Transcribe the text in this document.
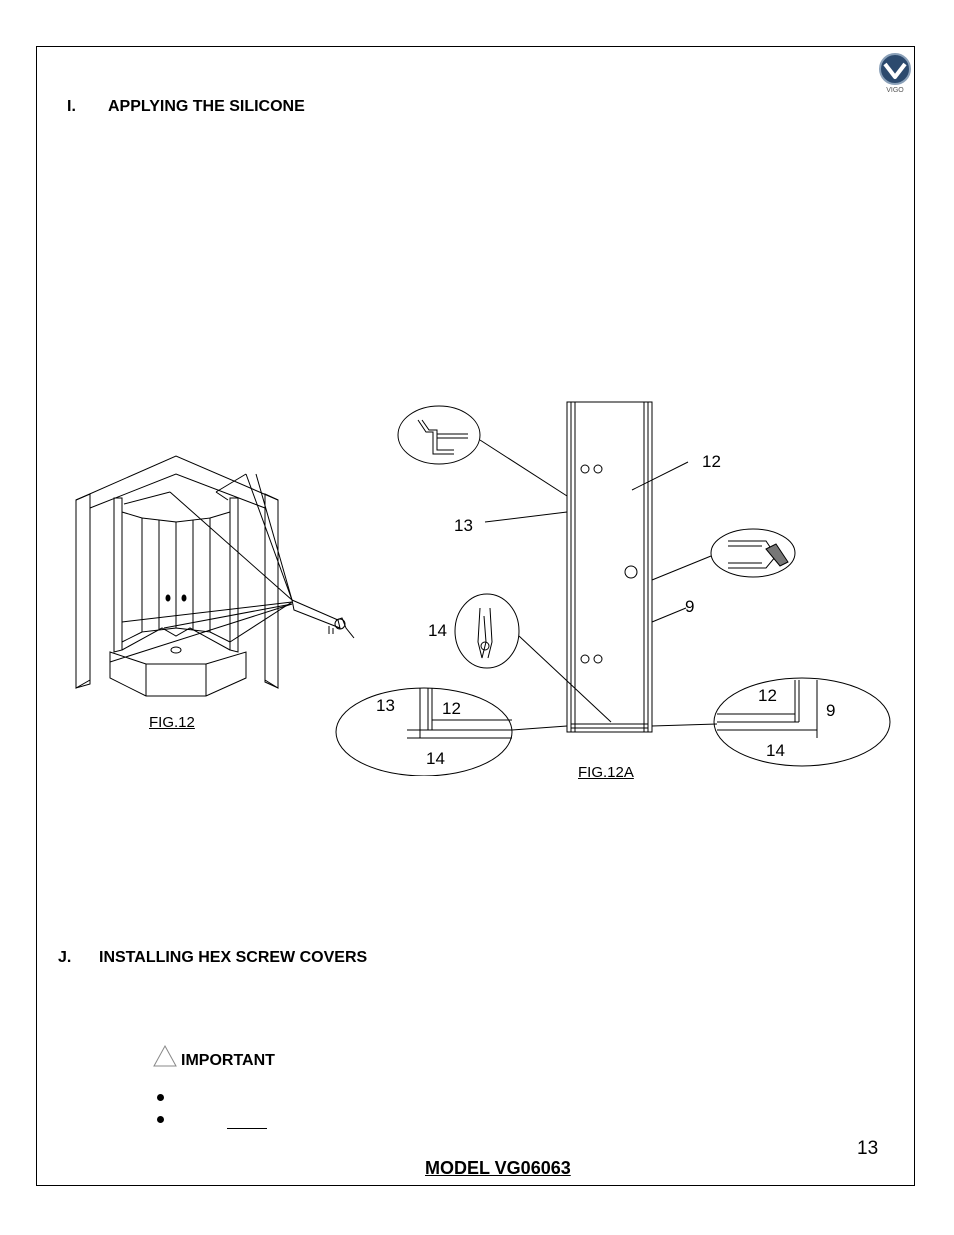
VIGO
I. APPLYING THE SILICONE
FIG.12
12
13
9
14
13	12
14
12
9
14
FIG.12A
J. INSTALLING HEX SCREW COVERS
IMPORTANT
13
MODEL VG06063
